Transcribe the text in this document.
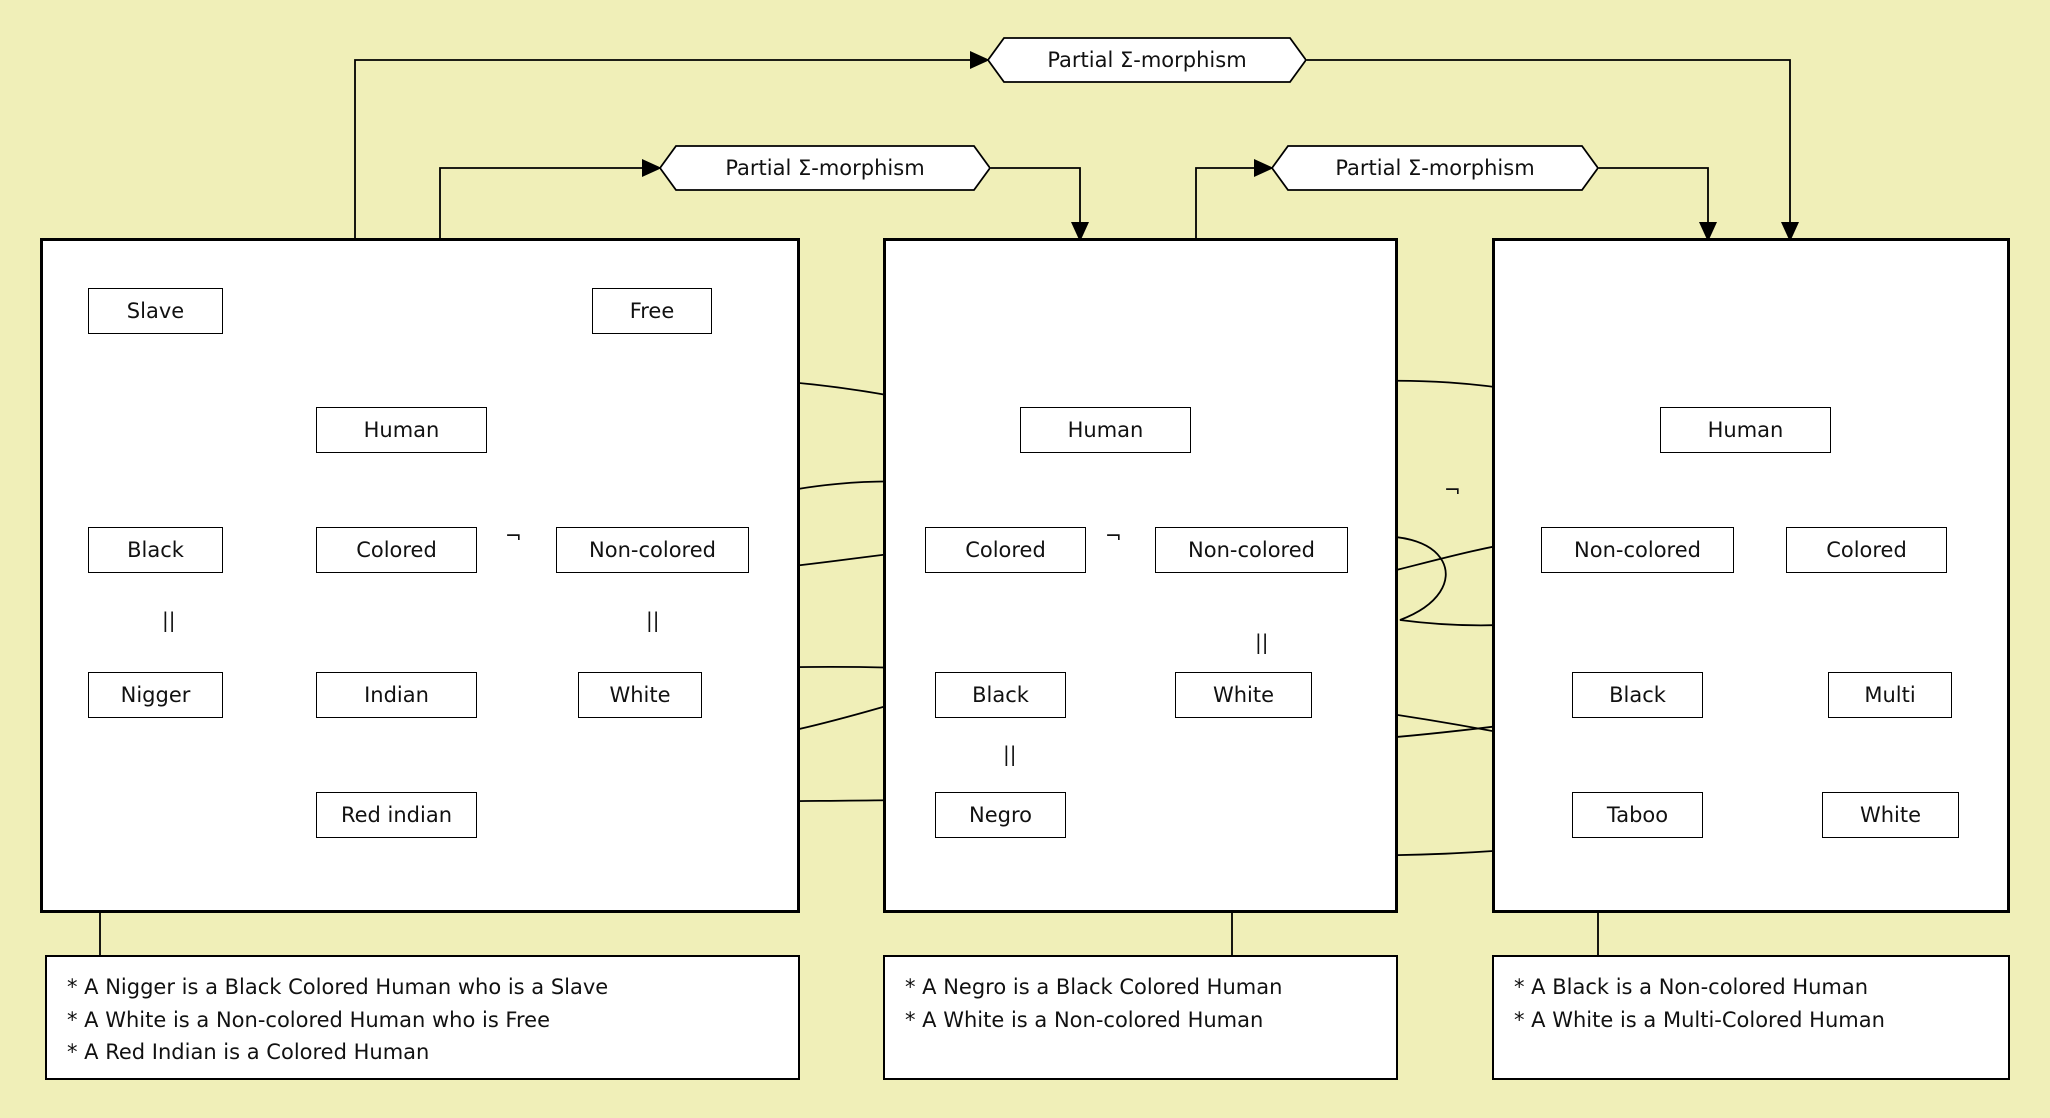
Partial Σ-morphism
Partial Σ-morphism	Partial Σ-morphism
Slave	Free
Human
Black	Colored	Non-colored
Nigger	Indian	White
Red indian
||	||
¬
Human
Colored	Non-colored
Black	White
Negro
||
||
¬
Human
Non-colored	Colored
Black	Multi
Taboo	White
¬
* A Nigger is a Black Colored Human who is a Slave
* A White is a Non-colored Human who is Free
* A Red Indian is a Colored Human
* A Negro is a Black Colored Human
* A White is a Non-colored Human
* A Black is a Non-colored Human
* A White is a Multi-Colored Human
